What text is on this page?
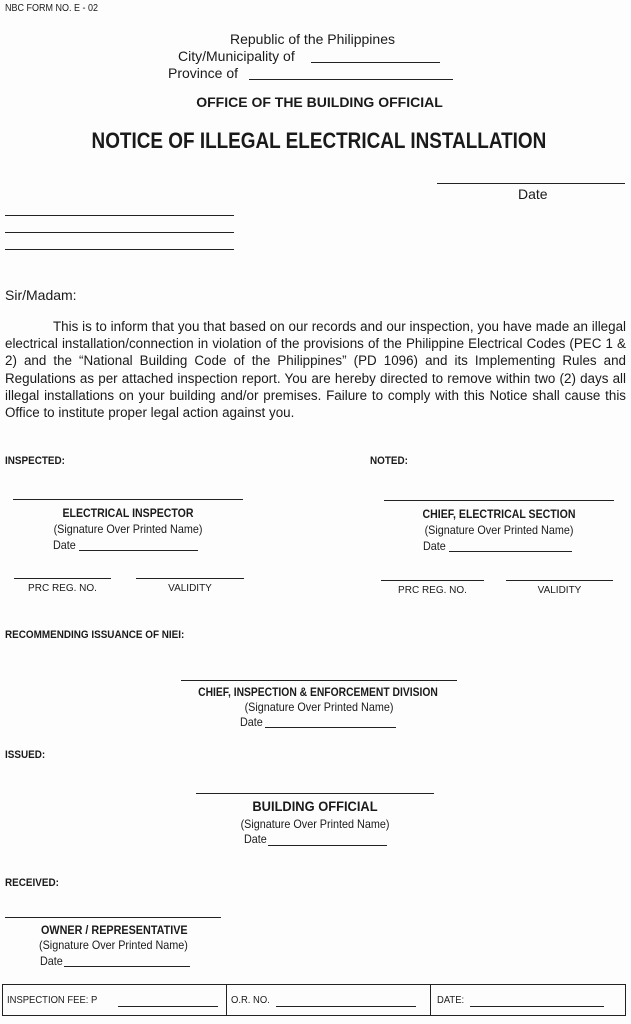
NBC FORM NO. E - 02
Republic of the Philippines
City/Municipality of
Province of
OFFICE OF THE BUILDING OFFICIAL
NOTICE OF ILLEGAL ELECTRICAL INSTALLATION
Date
Sir/Madam:
This is to inform that you that based on our records and our inspection, you have made an illegal electrical installation/connection in violation of the provisions of the Philippine Electrical Codes (PEC 1 & 2) and the “National Building Code of the Philippines” (PD 1096) and its Implementing Rules and Regulations as per attached inspection report. You are hereby directed to remove within two (2) days all illegal installations on your building and/or premises. Failure to comply with this Notice shall cause this Office to institute proper legal action against you.
INSPECTED:	NOTED:
ELECTRICAL INSPECTOR
(Signature Over Printed Name)
Date
PRC REG. NO.	VALIDITY
CHIEF, ELECTRICAL SECTION
(Signature Over Printed Name)
Date
PRC REG. NO.	VALIDITY
RECOMMENDING ISSUANCE OF NIEI:
CHIEF, INSPECTION & ENFORCEMENT DIVISION
(Signature Over Printed Name)
Date
ISSUED:
BUILDING OFFICIAL
(Signature Over Printed Name)
Date
RECEIVED:
OWNER / REPRESENTATIVE
(Signature Over Printed Name)
Date
INSPECTION FEE: P	O.R. NO.	DATE:
